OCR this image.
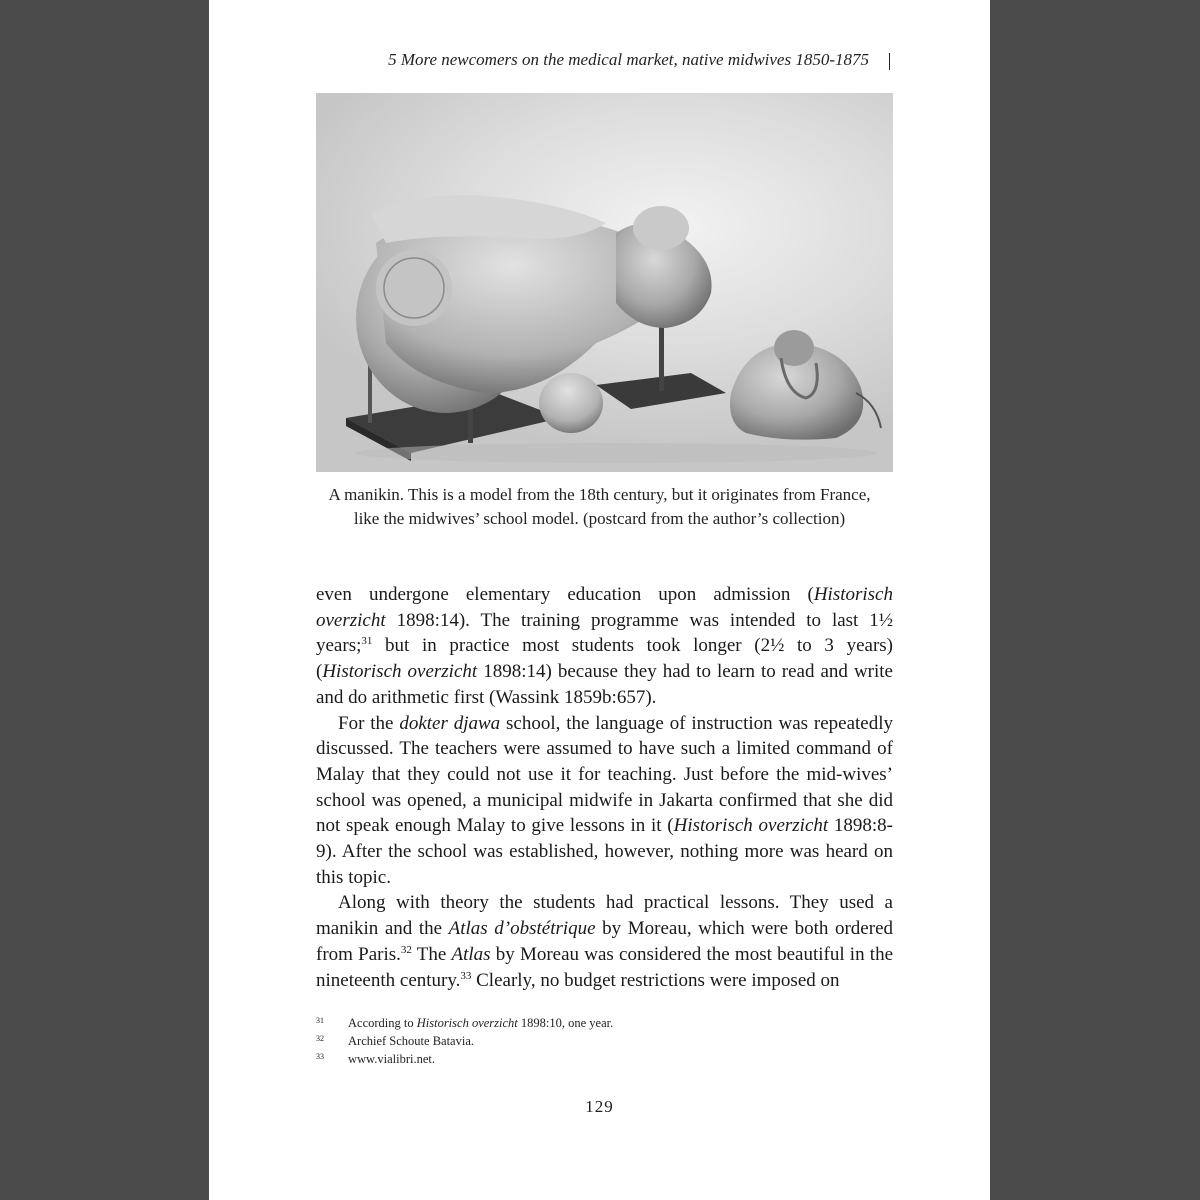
5 More newcomers on the medical market, native midwives 1850-1875
A manikin. This is a model from the 18th century, but it originates from France,
like the midwives’ school model. (postcard from the author’s collection)

even undergone elementary education upon admission (Historisch overzicht 1898:14). The training programme was intended to last 1½ years;$^{31}$ but in practice most students took longer (2½ to 3 years) (Historisch overzicht 1898:14) because they had to learn to read and write and do arithmetic first (Wassink 1859b:657).

For the dokter djawa school, the language of instruction was repeatedly discussed. The teachers were assumed to have such a limited command of Malay that they could not use it for teaching. Just before the mid-wives’ school was opened, a municipal midwife in Jakarta confirmed that she did not speak enough Malay to give lessons in it (Historisch overzicht 1898:8-9). After the school was established, however, nothing more was heard on this topic.

Along with theory the students had practical lessons. They used a manikin and the Atlas d’obstétrique by Moreau, which were both ordered from Paris.$^{32}$ The Atlas by Moreau was considered the most beautiful in the nineteenth century.$^{33}$ Clearly, no budget restrictions were imposed on

31 According to Historisch overzicht 1898:10, one year.
32 Archief Schoute Batavia.
33 www.vialibri.net.
129
